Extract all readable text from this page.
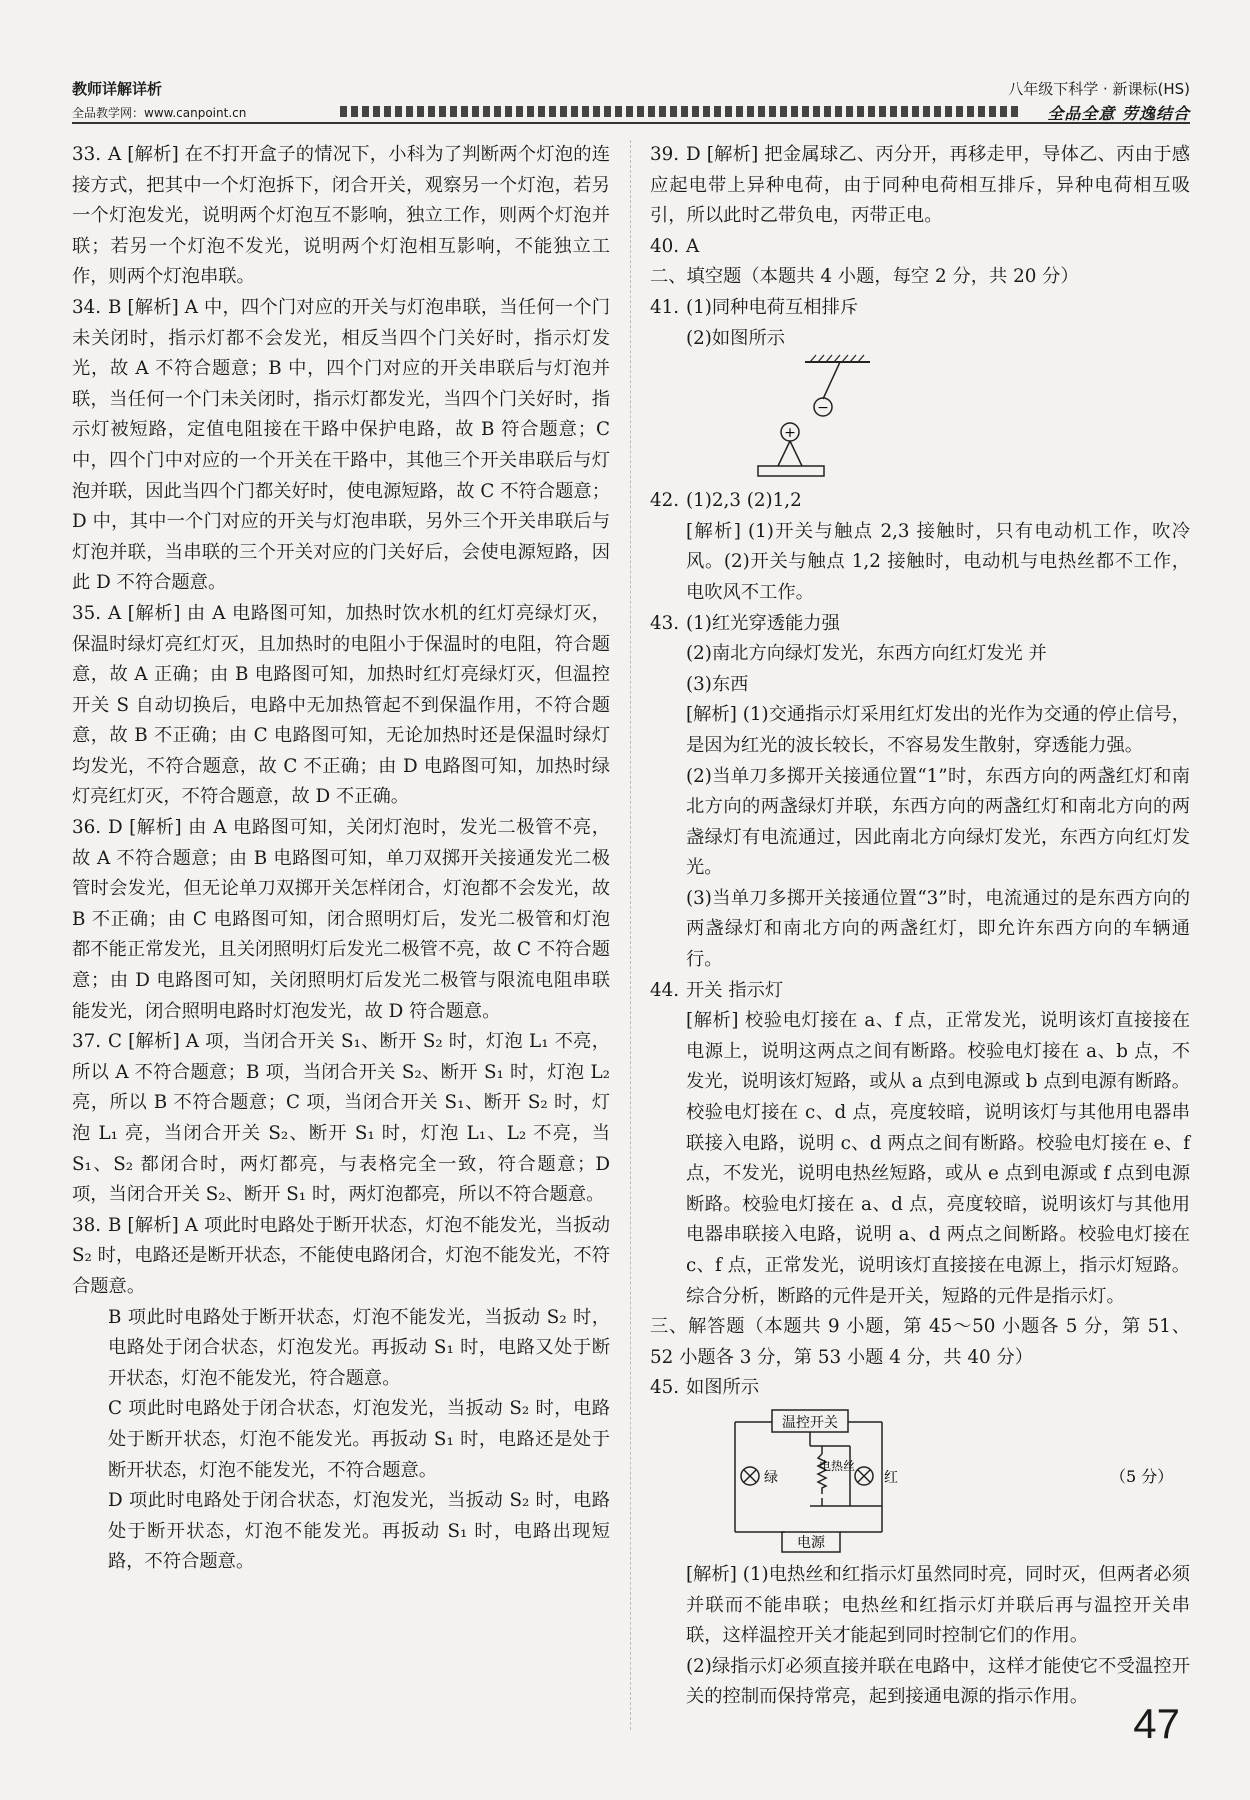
教师详解详析
全品教学网：www.canpoint.cn
八年级下科学 · 新课标(HS)
全品全意 劳逸结合

33. A [解析] 在不打开盒子的情况下，小科为了判断两个灯泡的连接方式，把其中一个灯泡拆下，闭合开关，观察另一个灯泡，若另一个灯泡发光，说明两个灯泡互不影响，独立工作，则两个灯泡并联；若另一个灯泡不发光，说明两个灯泡相互影响，不能独立工作，则两个灯泡串联。

34. B [解析] A 中，四个门对应的开关与灯泡串联，当任何一个门未关闭时，指示灯都不会发光，相反当四个门关好时，指示灯发光，故 A 不符合题意；B 中，四个门对应的开关串联后与灯泡并联，当任何一个门未关闭时，指示灯都发光，当四个门关好时，指示灯被短路，定值电阻接在干路中保护电路，故 B 符合题意；C 中，四个门中对应的一个开关在干路中，其他三个开关串联后与灯泡并联，因此当四个门都关好时，使电源短路，故 C 不符合题意；D 中，其中一个门对应的开关与灯泡串联，另外三个开关串联后与灯泡并联，当串联的三个开关对应的门关好后，会使电源短路，因此 D 不符合题意。

35. A [解析] 由 A 电路图可知，加热时饮水机的红灯亮绿灯灭，保温时绿灯亮红灯灭，且加热时的电阻小于保温时的电阻，符合题意，故 A 正确；由 B 电路图可知，加热时红灯亮绿灯灭，但温控开关 S 自动切换后，电路中无加热管起不到保温作用，不符合题意，故 B 不正确；由 C 电路图可知，无论加热时还是保温时绿灯均发光，不符合题意，故 C 不正确；由 D 电路图可知，加热时绿灯亮红灯灭，不符合题意，故 D 不正确。

36. D [解析] 由 A 电路图可知，关闭灯泡时，发光二极管不亮，故 A 不符合题意；由 B 电路图可知，单刀双掷开关接通发光二极管时会发光，但无论单刀双掷开关怎样闭合，灯泡都不会发光，故 B 不正确；由 C 电路图可知，闭合照明灯后，发光二极管和灯泡都不能正常发光，且关闭照明灯后发光二极管不亮，故 C 不符合题意；由 D 电路图可知，关闭照明灯后发光二极管与限流电阻串联能发光，闭合照明电路时灯泡发光，故 D 符合题意。

37. C [解析] A 项，当闭合开关 S₁、断开 S₂ 时，灯泡 L₁ 不亮，所以 A 不符合题意；B 项，当闭合开关 S₂、断开 S₁ 时，灯泡 L₂ 亮，所以 B 不符合题意；C 项，当闭合开关 S₁、断开 S₂ 时，灯泡 L₁ 亮，当闭合开关 S₂、断开 S₁ 时，灯泡 L₁、L₂ 不亮，当 S₁、S₂ 都闭合时，两灯都亮，与表格完全一致，符合题意；D 项，当闭合开关 S₂、断开 S₁ 时，两灯泡都亮，所以不符合题意。

38. B [解析] A 项此时电路处于断开状态，灯泡不能发光，当扳动 S₂ 时，电路还是断开状态，不能使电路闭合，灯泡不能发光，不符合题意。

B 项此时电路处于断开状态，灯泡不能发光，当扳动 S₂ 时，电路处于闭合状态，灯泡发光。再扳动 S₁ 时，电路又处于断开状态，灯泡不能发光，符合题意。

C 项此时电路处于闭合状态，灯泡发光，当扳动 S₂ 时，电路处于断开状态，灯泡不能发光。再扳动 S₁ 时，电路还是处于断开状态，灯泡不能发光，不符合题意。

D 项此时电路处于闭合状态，灯泡发光，当扳动 S₂ 时，电路处于断开状态，灯泡不能发光。再扳动 S₁ 时，电路出现短路，不符合题意。

39. D [解析] 把金属球乙、丙分开，再移走甲，导体乙、丙由于感应起电带上异种电荷，由于同种电荷相互排斥，异种电荷相互吸引，所以此时乙带负电，丙带正电。

40. A

二、填空题（本题共 4 小题，每空 2 分，共 20 分）

41. (1)同种电荷互相排斥

(2)如图所示

−
+

42. (1)2,3 (2)1,2

[解析] (1)开关与触点 2,3 接触时，只有电动机工作，吹冷风。(2)开关与触点 1,2 接触时，电动机与电热丝都不工作，电吹风不工作。

43. (1)红光穿透能力强

(2)南北方向绿灯发光，东西方向红灯发光 并

(3)东西

[解析] (1)交通指示灯采用红灯发出的光作为交通的停止信号，是因为红光的波长较长，不容易发生散射，穿透能力强。

(2)当单刀多掷开关接通位置“1”时，东西方向的两盏红灯和南北方向的两盏绿灯并联，东西方向的两盏红灯和南北方向的两盏绿灯有电流通过，因此南北方向绿灯发光，东西方向红灯发光。

(3)当单刀多掷开关接通位置“3”时，电流通过的是东西方向的两盏绿灯和南北方向的两盏红灯，即允许东西方向的车辆通行。

44. 开关 指示灯

[解析] 校验电灯接在 a、f 点，正常发光，说明该灯直接接在电源上，说明这两点之间有断路。校验电灯接在 a、b 点，不发光，说明该灯短路，或从 a 点到电源或 b 点到电源有断路。校验电灯接在 c、d 点，亮度较暗，说明该灯与其他用电器串联接入电路，说明 c、d 两点之间有断路。校验电灯接在 e、f 点，不发光，说明电热丝短路，或从 e 点到电源或 f 点到电源断路。校验电灯接在 a、d 点，亮度较暗，说明该灯与其他用电器串联接入电路，说明 a、d 两点之间断路。校验电灯接在 c、f 点，正常发光，说明该灯直接接在电源上，指示灯短路。综合分析，断路的元件是开关，短路的元件是指示灯。

三、解答题（本题共 9 小题，第 45～50 小题各 5 分，第 51、52 小题各 3 分，第 53 小题 4 分，共 40 分）

45. 如图所示

温控开关
绿	红
电热丝
电源
（5 分）

[解析] (1)电热丝和红指示灯虽然同时亮，同时灭，但两者必须并联而不能串联；电热丝和红指示灯并联后再与温控开关串联，这样温控开关才能起到同时控制它们的作用。

(2)绿指示灯必须直接并联在电路中，这样才能使它不受温控开关的控制而保持常亮，起到接通电源的指示作用。

47
